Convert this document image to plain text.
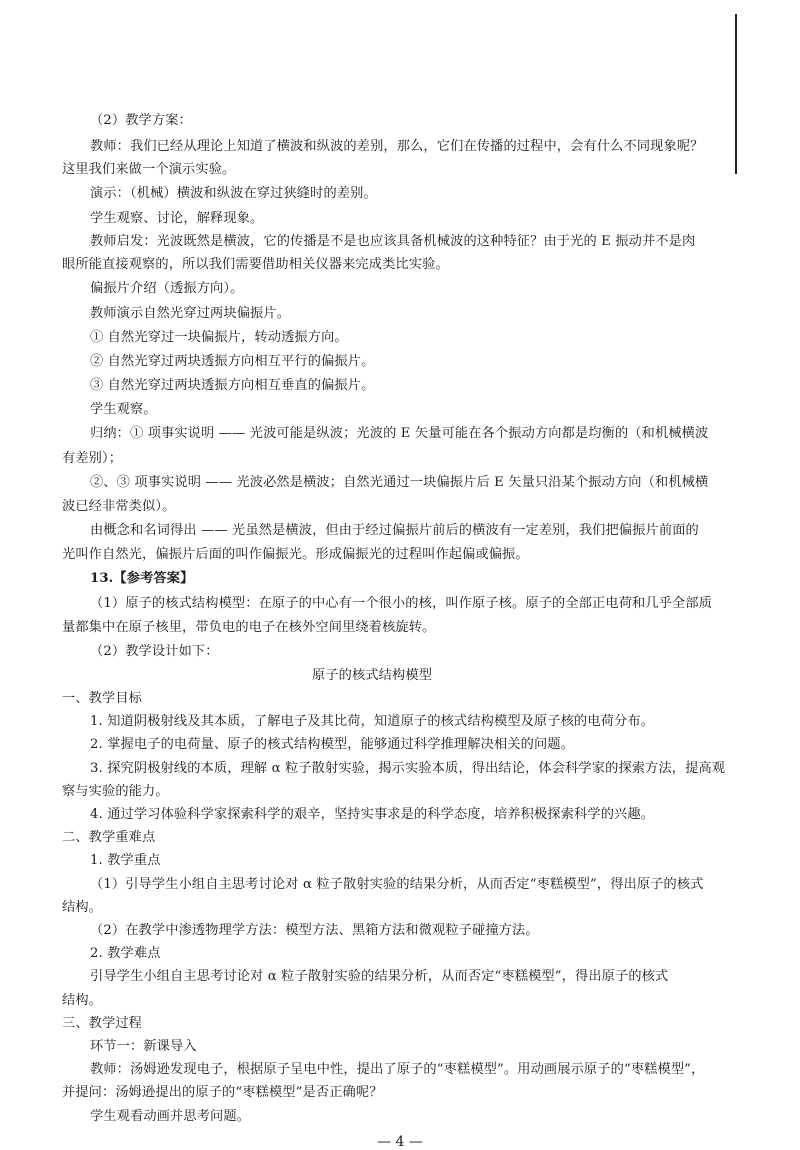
（2）教学方案：
教师：我们已经从理论上知道了横波和纵波的差别，那么，它们在传播的过程中，会有什么不同现象呢？
这里我们来做一个演示实验。
演示：（机械）横波和纵波在穿过狭缝时的差别。
学生观察、讨论，解释现象。
教师启发：光波既然是横波，它的传播是不是也应该具备机械波的这种特征？由于光的 E 振动并不是肉
眼所能直接观察的，所以我们需要借助相关仪器来完成类比实验。
偏振片介绍（透振方向）。
教师演示自然光穿过两块偏振片。
① 自然光穿过一块偏振片，转动透振方向。
② 自然光穿过两块透振方向相互平行的偏振片。
③ 自然光穿过两块透振方向相互垂直的偏振片。
学生观察。
归纳：① 项事实说明 —— 光波可能是纵波；光波的 E 矢量可能在各个振动方向都是均衡的（和机械横波
有差别）；
②、③ 项事实说明 —— 光波必然是横波；自然光通过一块偏振片后 E 矢量只沿某个振动方向（和机械横
波已经非常类似）。
由概念和名词得出 —— 光虽然是横波，但由于经过偏振片前后的横波有一定差别，我们把偏振片前面的
光叫作自然光，偏振片后面的叫作偏振光。形成偏振光的过程叫作起偏或偏振。
13.【参考答案】
（1）原子的核式结构模型：在原子的中心有一个很小的核，叫作原子核。原子的全部正电荷和几乎全部质
量都集中在原子核里，带负电的电子在核外空间里绕着核旋转。
（2）教学设计如下：
原子的核式结构模型
一、教学目标
1. 知道阴极射线及其本质，了解电子及其比荷，知道原子的核式结构模型及原子核的电荷分布。
2. 掌握电子的电荷量、原子的核式结构模型，能够通过科学推理解决相关的问题。
3. 探究阴极射线的本质，理解 α 粒子散射实验，揭示实验本质，得出结论，体会科学家的探索方法，提高观
察与实验的能力。
4. 通过学习体验科学家探索科学的艰辛，坚持实事求是的科学态度，培养积极探索科学的兴趣。
二、教学重难点
1. 教学重点
（1）引导学生小组自主思考讨论对 α 粒子散射实验的结果分析，从而否定“枣糕模型”，得出原子的核式
结构。
（2）在教学中渗透物理学方法：模型方法、黑箱方法和微观粒子碰撞方法。
2. 教学难点
引导学生小组自主思考讨论对 α 粒子散射实验的结果分析，从而否定“枣糕模型”，得出原子的核式
结构。
三、教学过程
环节一：新课导入
教师：汤姆逊发现电子，根据原子呈电中性，提出了原子的“枣糕模型”。用动画展示原子的“枣糕模型”，
并提问：汤姆逊提出的原子的“枣糕模型”是否正确呢？
学生观看动画并思考问题。
— 4 —
